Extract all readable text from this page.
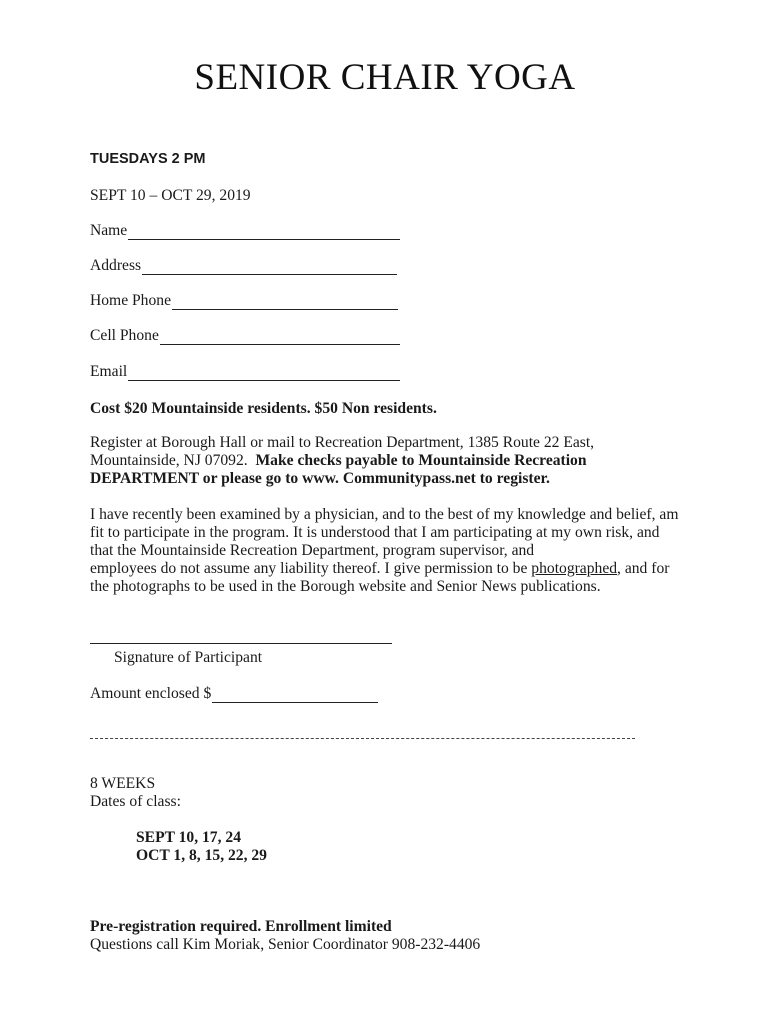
SENIOR CHAIR YOGA
TUESDAYS 2 PM
SEPT 10 – OCT 29, 2019
Name
Address
Home Phone
Cell Phone
Email
Cost $20 Mountainside residents. $50 Non residents.
Register at Borough Hall or mail to Recreation Department, 1385 Route 22 East, Mountainside, NJ 07092. Make checks payable to Mountainside Recreation DEPARTMENT or please go to www. Communitypass.net to register.
I have recently been examined by a physician, and to the best of my knowledge and belief, am fit to participate in the program. It is understood that I am participating at my own risk, and that the Mountainside Recreation Department, program supervisor, and
employees do not assume any liability thereof. I give permission to be photographed, and for the photographs to be used in the Borough website and Senior News publications.
Signature of Participant
Amount enclosed $
8 WEEKS
Dates of class:
SEPT 10, 17, 24
OCT 1, 8, 15, 22, 29
Pre-registration required. Enrollment limited
Questions call Kim Moriak, Senior Coordinator 908-232-4406
